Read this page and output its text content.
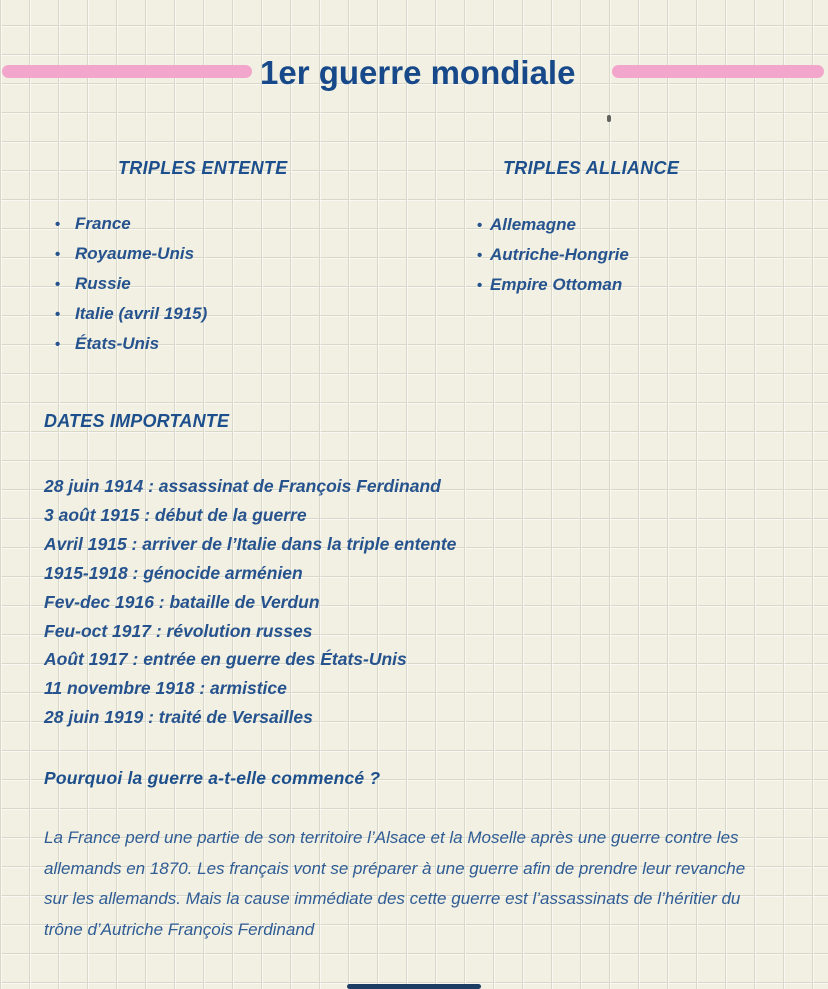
1er guerre mondiale
TRIPLES ENTENTE	TRIPLES ALLIANCE
• France
• Royaume-Unis
• Russie
• Italie (avril 1915)
• États-Unis
• Allemagne
• Autriche-Hongrie
• Empire Ottoman
DATES IMPORTANTE
28 juin 1914 : assassinat de François Ferdinand
3 août 1915 : début de la guerre
Avril 1915 : arriver de l’Italie dans la triple entente
1915-1918 : génocide arménien
Fev-dec 1916 : bataille de Verdun
Feu-oct 1917 : révolution russes
Août 1917 : entrée en guerre des États-Unis
11 novembre 1918 : armistice
28 juin 1919 : traité de Versailles
Pourquoi la guerre a-t-elle commencé ?
La France perd une partie de son territoire l’Alsace et la Moselle après une guerre contre les
allemands en 1870. Les français vont se préparer à une guerre afin de prendre leur revanche
sur les allemands. Mais la cause immédiate des cette guerre est l’assassinats de l’héritier du
trône d’Autriche François Ferdinand
